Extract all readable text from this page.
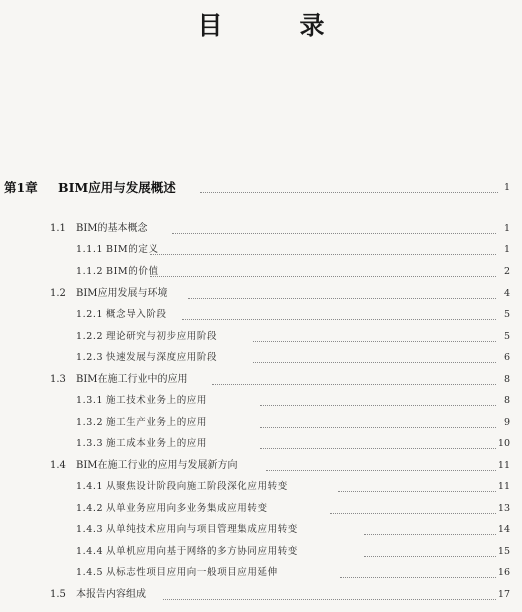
目　录
第1章 BIM应用与发展概述	1
1.1 BIM的基本概念	1
1.1.1 BIM的定义	1
1.1.2 BIM的价值	2
1.2 BIM应用发展与环境	4
1.2.1 概念导入阶段	5
1.2.2 理论研究与初步应用阶段	5
1.2.3 快速发展与深度应用阶段	6
1.3 BIM在施工行业中的应用	8
1.3.1 施工技术业务上的应用	8
1.3.2 施工生产业务上的应用	9
1.3.3 施工成本业务上的应用	10
1.4 BIM在施工行业的应用与发展新方向	11
1.4.1 从聚焦设计阶段向施工阶段深化应用转变	11
1.4.2 从单业务应用向多业务集成应用转变	13
1.4.3 从单纯技术应用向与项目管理集成应用转变	14
1.4.4 从单机应用向基于网络的多方协同应用转变	15
1.4.5 从标志性项目应用向一般项目应用延伸	16
1.5 本报告内容组成	17
